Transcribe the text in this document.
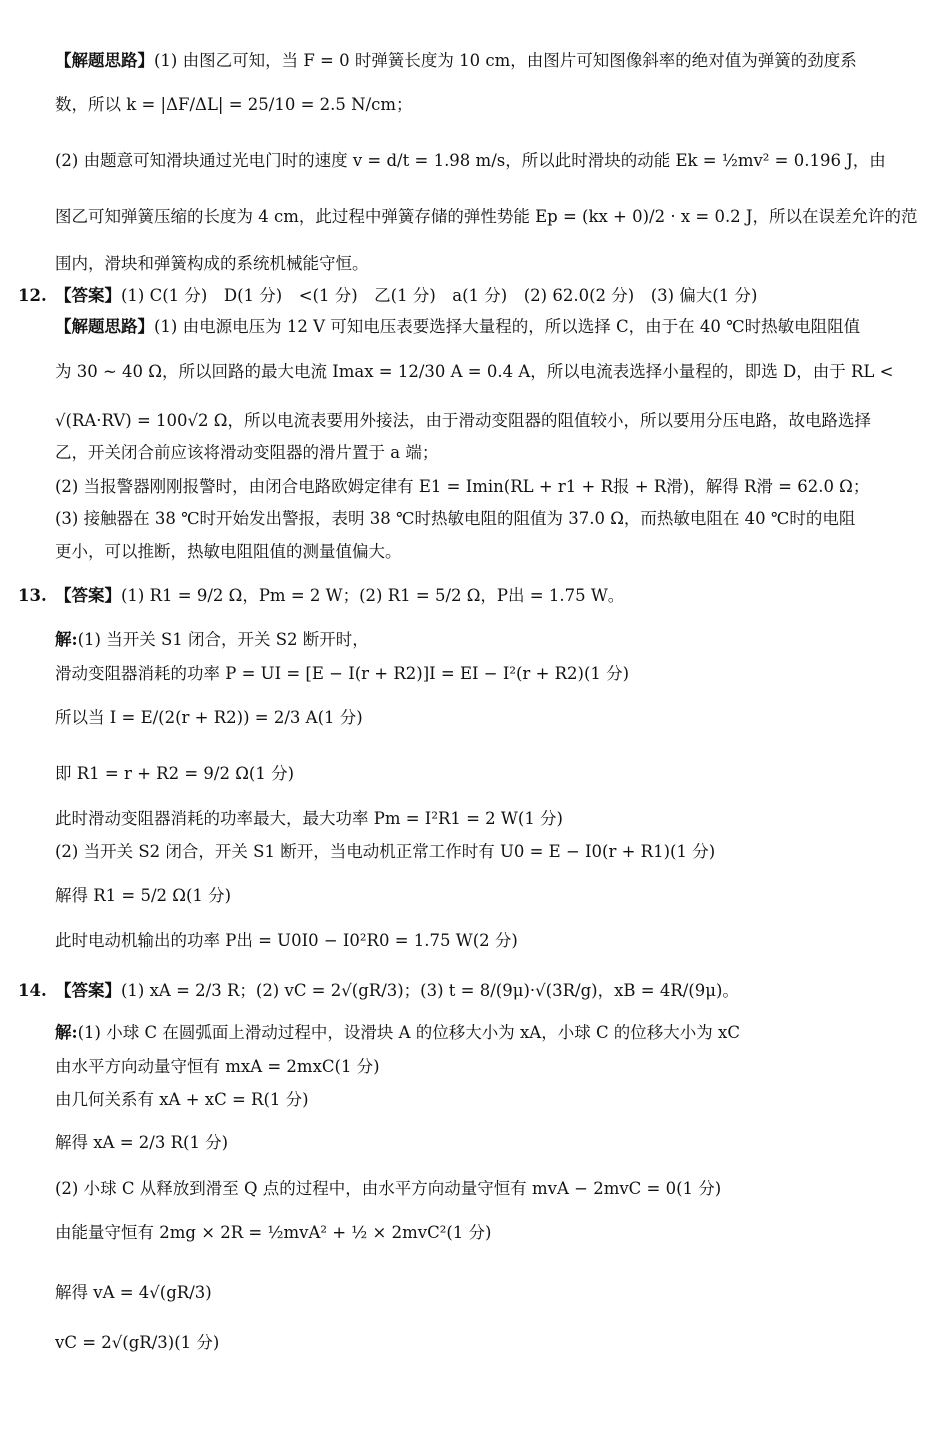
【解题思路】(1) 由图乙可知，当 F = 0 时弹簧长度为 10 cm，由图片可知图像斜率的绝对值为弹簧的劲度系
数，所以 k = |ΔF/ΔL| = 25/10 = 2.5 N/cm；
(2) 由题意可知滑块通过光电门时的速度 v = d/t = 1.98 m/s，所以此时滑块的动能 Ek = ½mv² = 0.196 J，由
图乙可知弹簧压缩的长度为 4 cm，此过程中弹簧存储的弹性势能 Ep = (kx + 0)/2 · x = 0.2 J，所以在误差允许的范
围内，滑块和弹簧构成的系统机械能守恒。
12. 【答案】(1) C(1 分)　D(1 分)　<(1 分)　乙(1 分)　a(1 分)　(2) 62.0(2 分)　(3) 偏大(1 分)
【解题思路】(1) 由电源电压为 12 V 可知电压表要选择大量程的，所以选择 C，由于在 40 ℃时热敏电阻阻值
为 30 ~ 40 Ω，所以回路的最大电流 Imax = 12/30 A = 0.4 A，所以电流表选择小量程的，即选 D，由于 RL <
√(RA·RV) = 100√2 Ω，所以电流表要用外接法，由于滑动变阻器的阻值较小，所以要用分压电路，故电路选择
乙，开关闭合前应该将滑动变阻器的滑片置于 a 端；
(2) 当报警器刚刚报警时，由闭合电路欧姆定律有 E1 = Imin(RL + r1 + R报 + R滑)，解得 R滑 = 62.0 Ω；
(3) 接触器在 38 ℃时开始发出警报，表明 38 ℃时热敏电阻的阻值为 37.0 Ω，而热敏电阻在 40 ℃时的电阻
更小，可以推断，热敏电阻阻值的测量值偏大。
13. 【答案】(1) R1 = 9/2 Ω，Pm = 2 W；(2) R1 = 5/2 Ω，P出 = 1.75 W。
解:(1) 当开关 S1 闭合，开关 S2 断开时，
滑动变阻器消耗的功率 P = UI = [E − I(r + R2)]I = EI − I²(r + R2)(1 分)
所以当 I = E/(2(r + R2)) = 2/3 A(1 分)
即 R1 = r + R2 = 9/2 Ω(1 分)
此时滑动变阻器消耗的功率最大，最大功率 Pm = I²R1 = 2 W(1 分)
(2) 当开关 S2 闭合，开关 S1 断开，当电动机正常工作时有 U0 = E − I0(r + R1)(1 分)
解得 R1 = 5/2 Ω(1 分)
此时电动机输出的功率 P出 = U0I0 − I0²R0 = 1.75 W(2 分)
14. 【答案】(1) xA = 2/3 R；(2) vC = 2√(gR/3)；(3) t = 8/(9μ)·√(3R/g)，xB = 4R/(9μ)。
解:(1) 小球 C 在圆弧面上滑动过程中，设滑块 A 的位移大小为 xA，小球 C 的位移大小为 xC
由水平方向动量守恒有 mxA = 2mxC(1 分)
由几何关系有 xA + xC = R(1 分)
解得 xA = 2/3 R(1 分)
(2) 小球 C 从释放到滑至 Q 点的过程中，由水平方向动量守恒有 mvA − 2mvC = 0(1 分)
由能量守恒有 2mg × 2R = ½mvA² + ½ × 2mvC²(1 分)
解得 vA = 4√(gR/3)
vC = 2√(gR/3)(1 分)
